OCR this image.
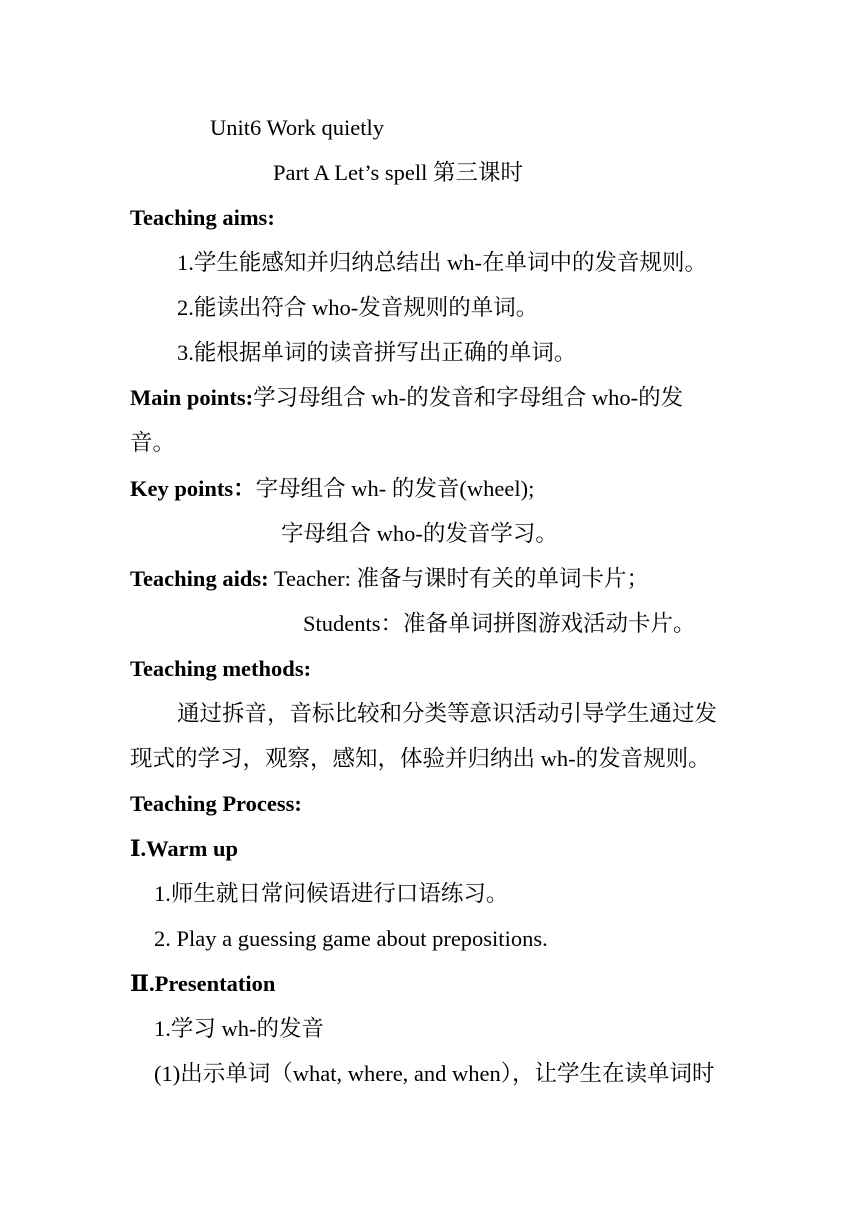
Unit6 Work quietly
Part A Let’s spell 第三课时
Teaching aims:
1.学生能感知并归纳总结出 wh-在单词中的发音规则。
2.能读出符合 who-发音规则的单词。
3.能根据单词的读音拼写出正确的单词。
Main points:学习母组合 wh-的发音和字母组合 who-的发
音。
Key points：字母组合 wh- 的发音(wheel);
字母组合 who-的发音学习。
Teaching aids: Teacher: 准备与课时有关的单词卡片；
Students：准备单词拼图游戏活动卡片。
Teaching methods:
通过拆音，音标比较和分类等意识活动引导学生通过发
现式的学习，观察，感知，体验并归纳出 wh-的发音规则。
Teaching Process:
Ⅰ.Warm up
1.师生就日常问候语进行口语练习。
2. Play a guessing game about prepositions.
Ⅱ.Presentation
1.学习 wh-的发音
(1)出示单词（what, where, and when），让学生在读单词时
